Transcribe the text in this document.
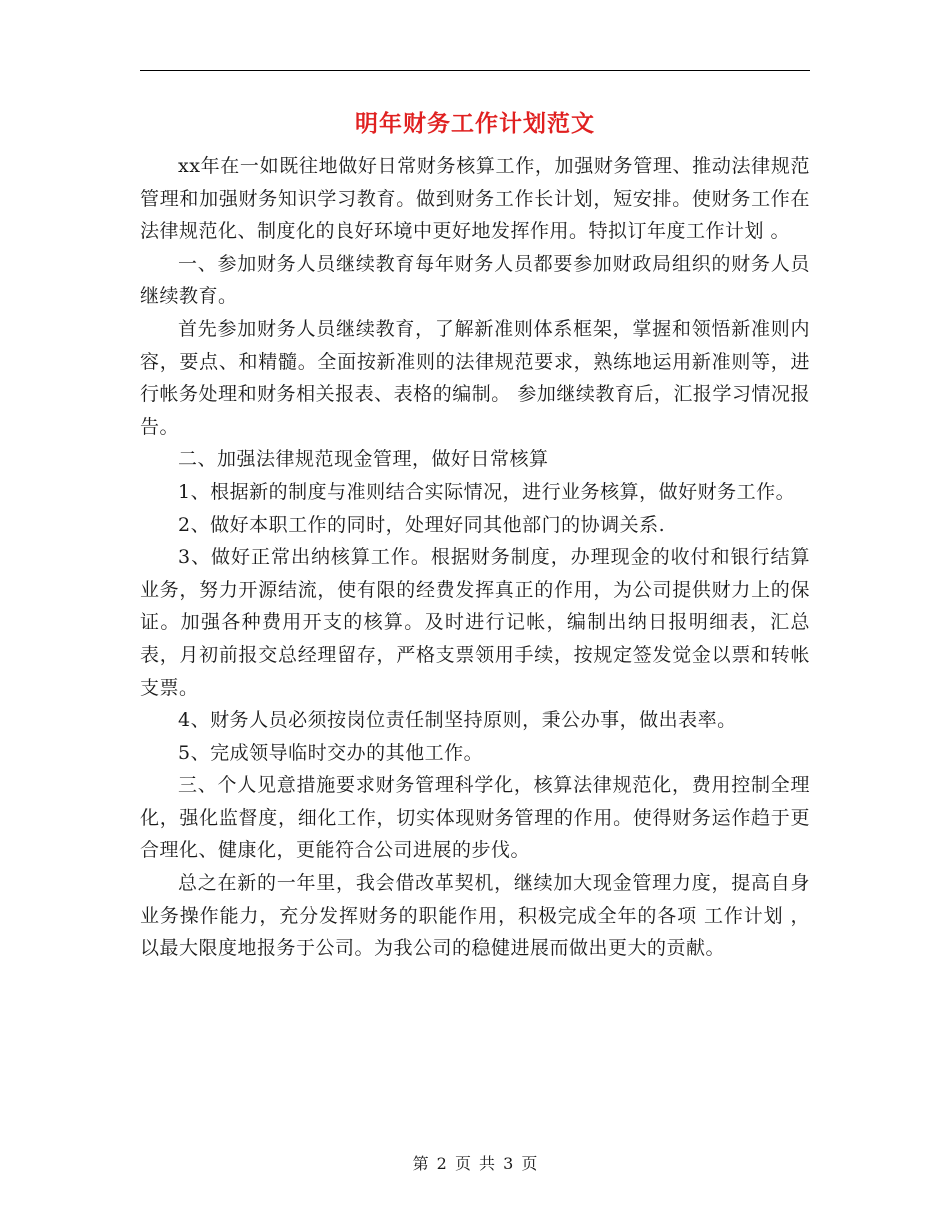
明年财务工作计划范文

xx年在一如既往地做好日常财务核算工作，加强财务管理、推动法律规范管理和加强财务知识学习教育。做到财务工作长计划，短安排。使财务工作在法律规范化、制度化的良好环境中更好地发挥作用。特拟订年度工作计划 。

一、参加财务人员继续教育每年财务人员都要参加财政局组织的财务人员继续教育。

首先参加财务人员继续教育，了解新准则体系框架，掌握和领悟新准则内容，要点、和精髓。全面按新准则的法律规范要求，熟练地运用新准则等，进行帐务处理和财务相关报表、表格的编制。 参加继续教育后，汇报学习情况报告。

二、加强法律规范现金管理，做好日常核算

1、根据新的制度与准则结合实际情况，进行业务核算，做好财务工作。

2、做好本职工作的同时，处理好同其他部门的协调关系.

3、做好正常出纳核算工作。根据财务制度，办理现金的收付和银行结算业务，努力开源结流，使有限的经费发挥真正的作用，为公司提供财力上的保证。加强各种费用开支的核算。及时进行记帐，编制出纳日报明细表，汇总表，月初前报交总经理留存，严格支票领用手续，按规定签发觉金以票和转帐支票。

4、财务人员必须按岗位责任制坚持原则，秉公办事，做出表率。

5、完成领导临时交办的其他工作。

三、个人见意措施要求财务管理科学化，核算法律规范化，费用控制全理化，强化监督度，细化工作，切实体现财务管理的作用。使得财务运作趋于更合理化、健康化，更能符合公司进展的步伐。

总之在新的一年里，我会借改革契机，继续加大现金管理力度，提高自身业务操作能力，充分发挥财务的职能作用，积极完成全年的各项 工作计划 ，以最大限度地报务于公司。为我公司的稳健进展而做出更大的贡献。

第 2 页 共 3 页
